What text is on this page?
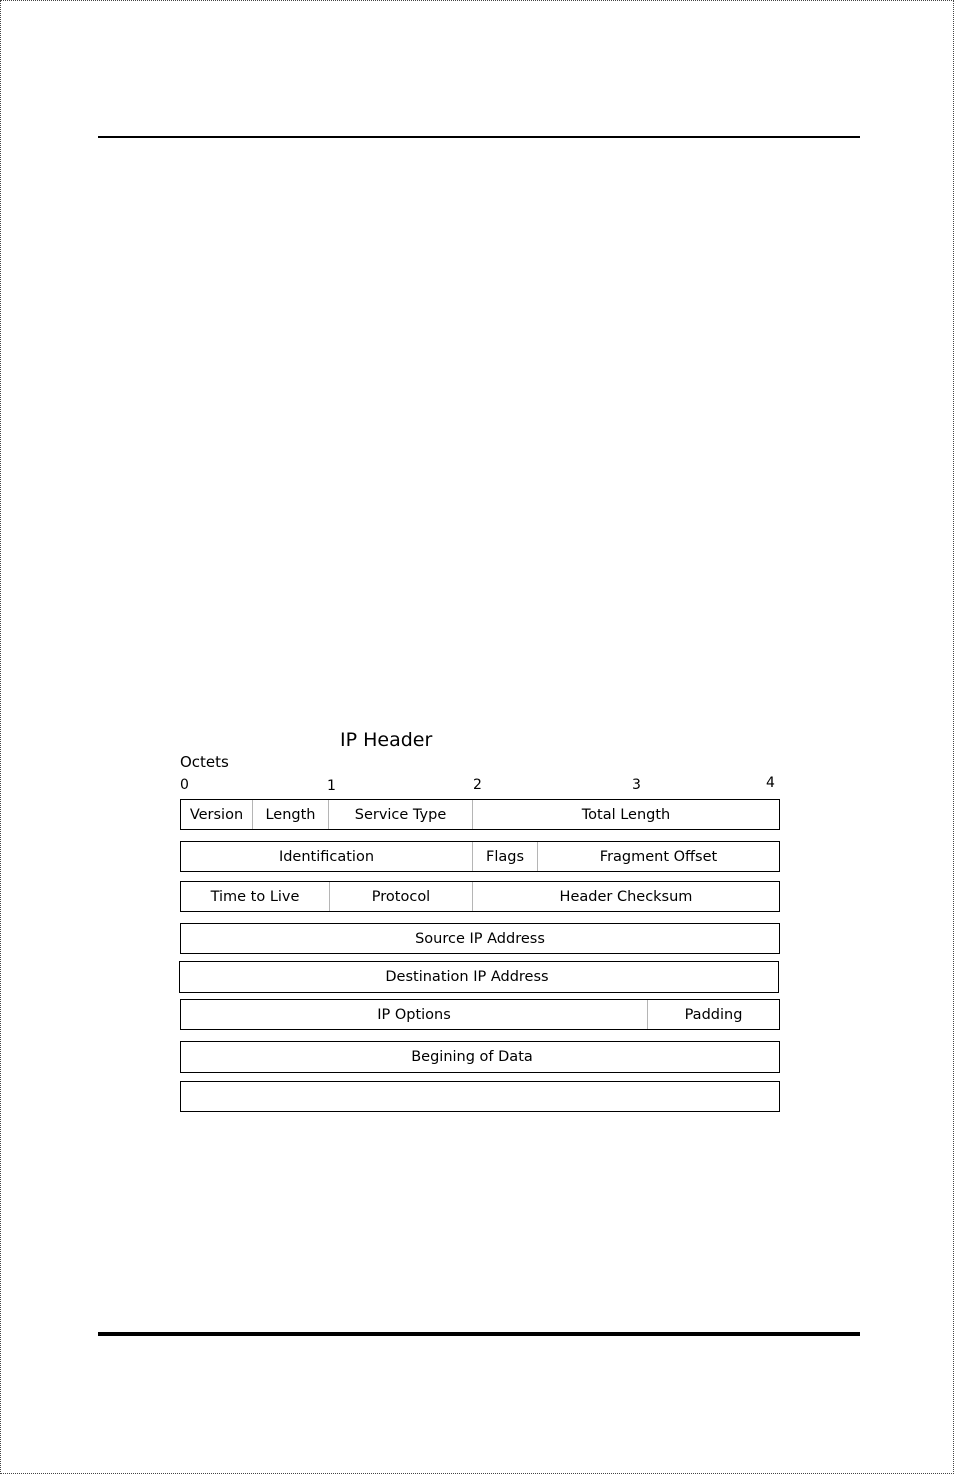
IP Header
Octets
0	1	2	3	4
Version	Length	Service Type	Total Length
Identification	Flags	Fragment Offset
Time to Live	Protocol	Header Checksum
Source IP Address
Destination IP Address
IP Options	Padding
Begining of Data
